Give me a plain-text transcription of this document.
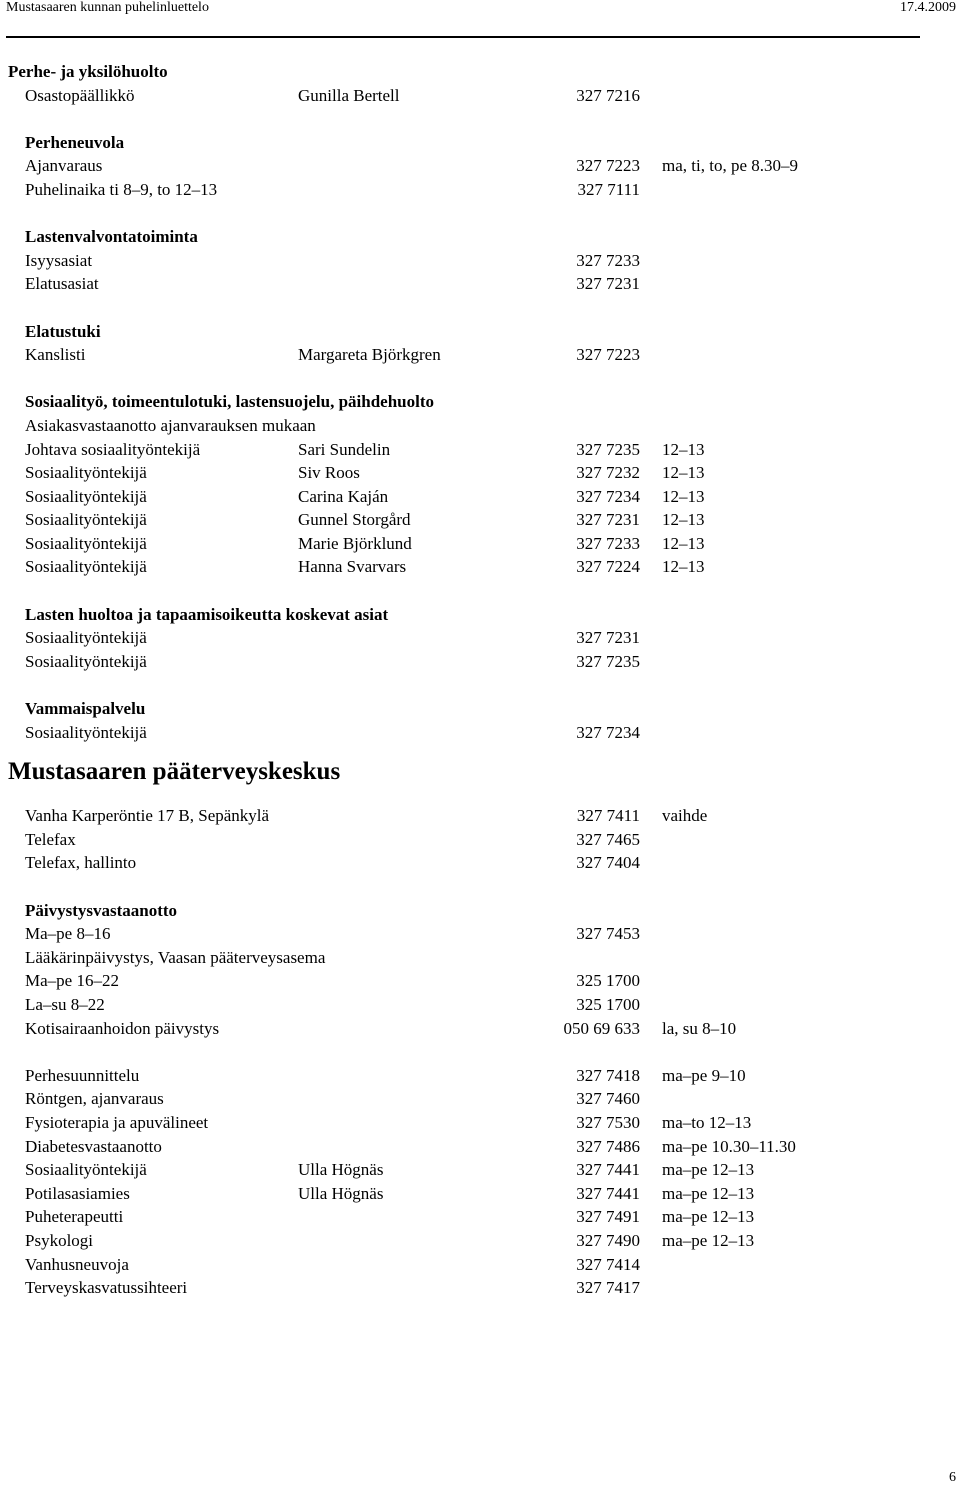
Mustasaaren kunnan puhelinluettelo	17.4.2009
Perhe- ja yksilöhuolto
Osastopäällikkö	Gunilla Bertell	327 7216
Perheneuvola
Ajanvaraus	327 7223 ma, ti, to, pe 8.30–9
Puhelinaika ti 8–9, to 12–13	327 7111
Lastenvalvontatoiminta
Isyysasiat	327 7233
Elatusasiat	327 7231
Elatustuki
Kanslisti	Margareta Björkgren	327 7223
Sosiaalityö, toimeentulotuki, lastensuojelu, päihdehuolto
Asiakasvastaanotto ajanvarauksen mukaan
Johtava sosiaalityöntekijä	Sari Sundelin	327 7235 12–13
Sosiaalityöntekijä	Siv Roos	327 7232 12–13
Sosiaalityöntekijä	Carina Kaján	327 7234 12–13
Sosiaalityöntekijä	Gunnel Storgård	327 7231 12–13
Sosiaalityöntekijä	Marie Björklund	327 7233 12–13
Sosiaalityöntekijä	Hanna Svarvars	327 7224 12–13
Lasten huoltoa ja tapaamisoikeutta koskevat asiat
Sosiaalityöntekijä	327 7231
Sosiaalityöntekijä	327 7235
Vammaispalvelu
Sosiaalityöntekijä	327 7234
Mustasaaren pääterveyskeskus
Vanha Karperöntie 17 B, Sepänkylä	327 7411 vaihde
Telefax	327 7465
Telefax, hallinto	327 7404
Päivystysvastaanotto
Ma–pe 8–16	327 7453
Lääkärinpäivystys, Vaasan pääterveysasema
Ma–pe 16–22	325 1700
La–su 8–22	325 1700
Kotisairaanhoidon päivystys	050 69 633 la, su 8–10
Perhesuunnittelu	327 7418 ma–pe 9–10
Röntgen, ajanvaraus	327 7460
Fysioterapia ja apuvälineet	327 7530 ma–to 12–13
Diabetesvastaanotto	327 7486 ma–pe 10.30–11.30
Sosiaalityöntekijä	Ulla Högnäs	327 7441 ma–pe 12–13
Potilasasiamies	Ulla Högnäs	327 7441 ma–pe 12–13
Puheterapeutti	327 7491 ma–pe 12–13
Psykologi	327 7490 ma–pe 12–13
Vanhusneuvoja	327 7414
Terveyskasvatussihteeri	327 7417
6
